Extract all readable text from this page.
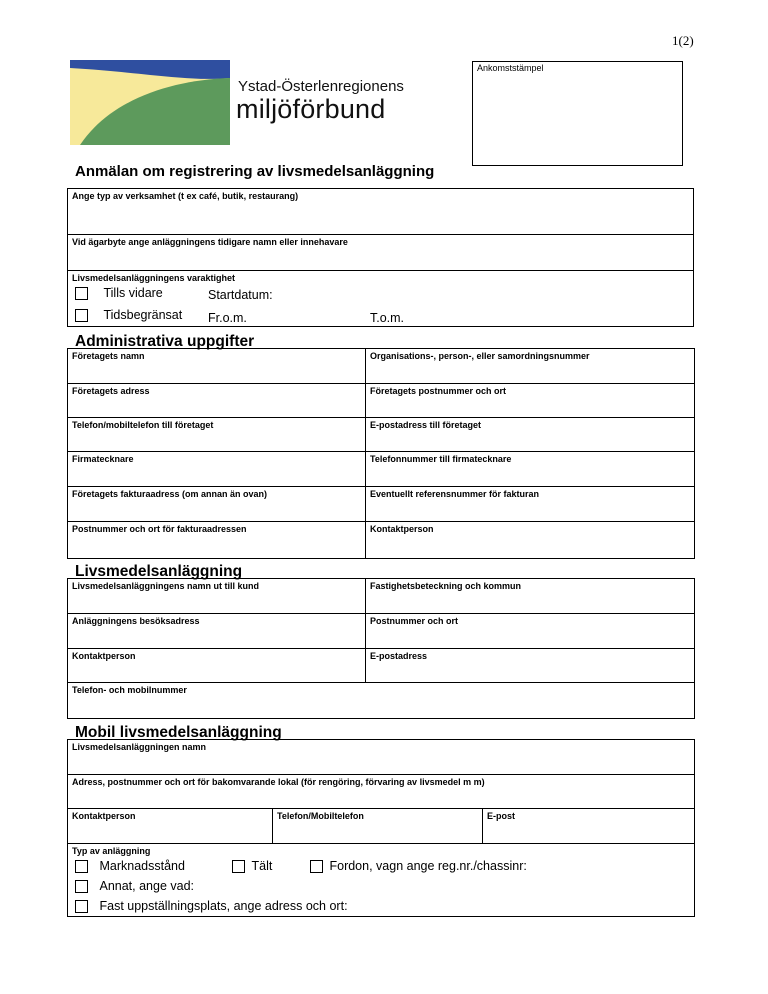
1(2)
Ankomststämpel
Ystad-Österlenregionens
miljöförbund
Anmälan om registrering av livsmedelsanläggning
Ange typ av verksamhet (t ex café, butik, restaurang)
Vid ägarbyte ange anläggningens tidigare namn eller innehavare
Livsmedelsanläggningens varaktighet
Tills vidare	Startdatum:
Tidsbegränsat Fr.o.m.	T.o.m.
Administrativa uppgifter
Företagets namn	Organisations-, person-, eller samordningsnummer
Företagets adress	Företagets postnummer och ort
Telefon/mobiltelefon till företaget	E-postadress till företaget
Firmatecknare	Telefonnummer till firmatecknare
Företagets fakturaadress (om annan än ovan)	Eventuellt referensnummer för fakturan
Postnummer och ort för fakturaadressen	Kontaktperson
Livsmedelsanläggning
Livsmedelsanläggningens namn ut till kund	Fastighetsbeteckning och kommun
Anläggningens besöksadress	Postnummer och ort
Kontaktperson	E-postadress
Telefon- och mobilnummer	
Mobil livsmedelsanläggning
Livsmedelsanläggningen namn
Adress, postnummer och ort för bakomvarande lokal (för rengöring, förvaring av livsmedel m m)
Kontaktperson	Telefon/Mobiltelefon	E-post
Typ av anläggning
Marknadsstånd	Tält	Fordon, vagn ange reg.nr./chassinr:
Annat, ange vad:
Fast uppställningsplats, ange adress och ort:
